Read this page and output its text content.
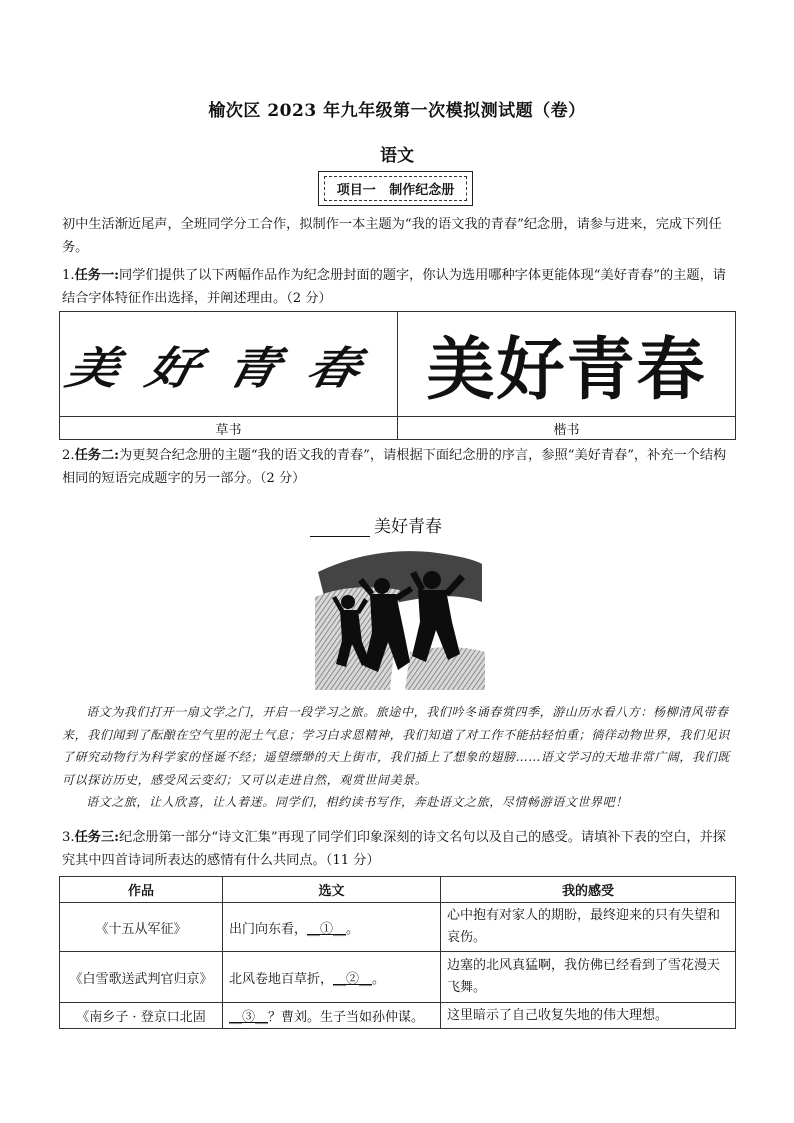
榆次区 2023 年九年级第一次模拟测试题（卷）
语文
项目一   制作纪念册
初中生活渐近尾声，全班同学分工合作，拟制作一本主题为“我的语文我的青春”纪念册，请参与进来，完成下列任务。
1.任务一:同学们提供了以下两幅作品作为纪念册封面的题字，你认为选用哪种字体更能体现“美好青春”的主题，请结合字体特征作出选择，并阐述理由。（2 分）
美好青春	美好青春
草书	楷书
2.任务二:为更契合纪念册的主题“我的语文我的青春”，请根据下面纪念册的序言，参照“美好青春”，补充一个结构相同的短语完成题字的另一部分。（2 分）
美好青春

语文为我们打开一扇文学之门，开启一段学习之旅。旅途中，我们吟冬诵春赏四季，游山历水看八方：杨柳清风带春来，我们闻到了酝酿在空气里的泥土气息；学习白求恩精神，我们知道了对工作不能拈轻怕重；徜徉动物世界，我们见识了研究动物行为科学家的怪诞不经；遥望缥缈的天上街市，我们插上了想象的翅膀……语文学习的天地非常广阔，我们既可以探访历史，感受风云变幻；又可以走进自然，观赏世间美景。

语文之旅，让人欣喜，让人着迷。同学们，相约读书写作，奔赴语文之旅，尽情畅游语文世界吧！

3.任务三:纪念册第一部分“诗文汇集”再现了同学们印象深刻的诗文名句以及自己的感受。请填补下表的空白，并探究其中四首诗词所表达的感情有什么共同点。（11 分）
作品	选文	我的感受
《十五从军征》	出门向东看，__①__。	心中抱有对家人的期盼，最终迎来的只有失望和哀伤。
《白雪歌送武判官归京》	北风卷地百草折，__②__。	边塞的北风真猛啊，我仿佛已经看到了雪花漫天飞舞。
《南乡子 · 登京口北固	__③__？曹刘。生子当如孙仲谋。	这里暗示了自己收复失地的伟大理想。
